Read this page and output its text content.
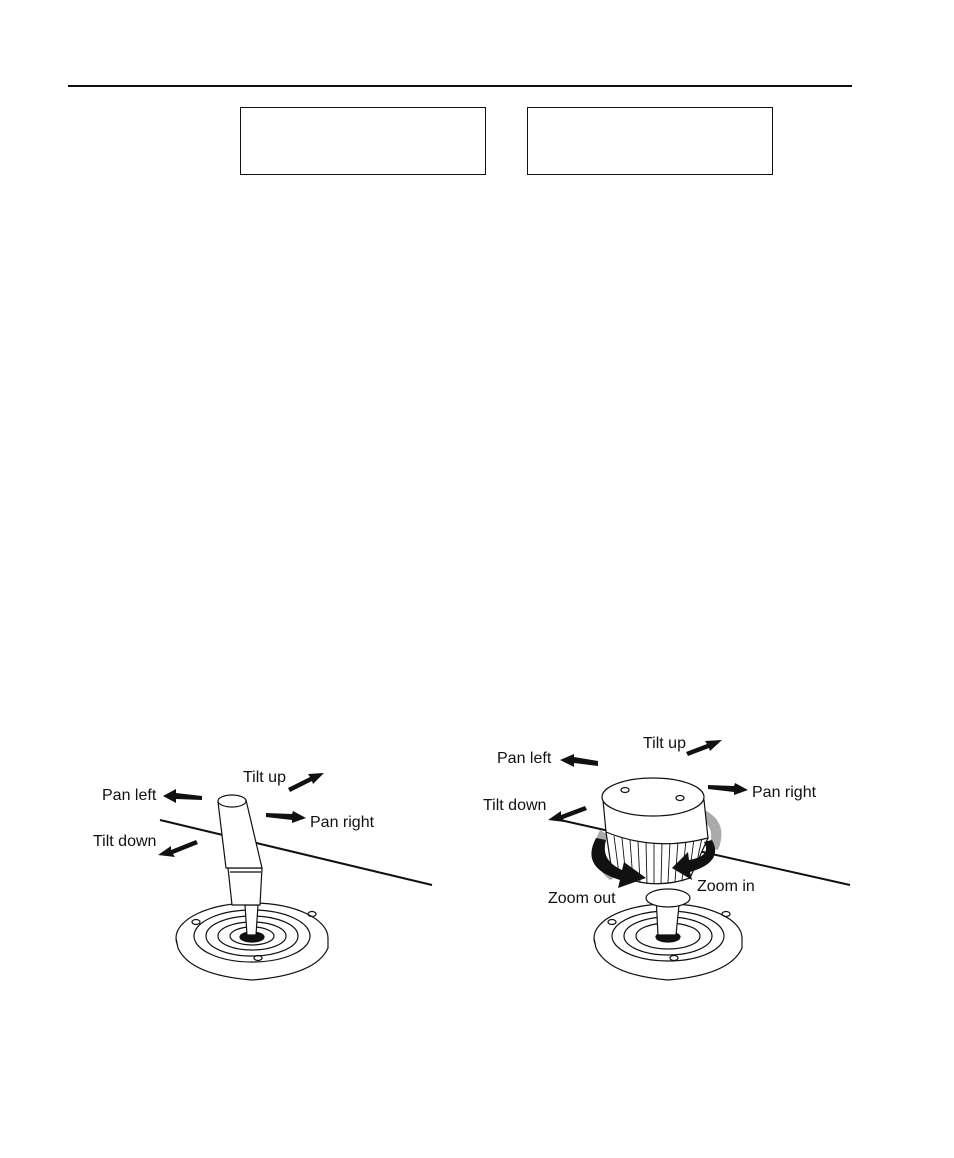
Pan left
Tilt up
Pan right
Tilt down
Pan left
Tilt up
Pan right
Tilt down
Zoom out
Zoom in
